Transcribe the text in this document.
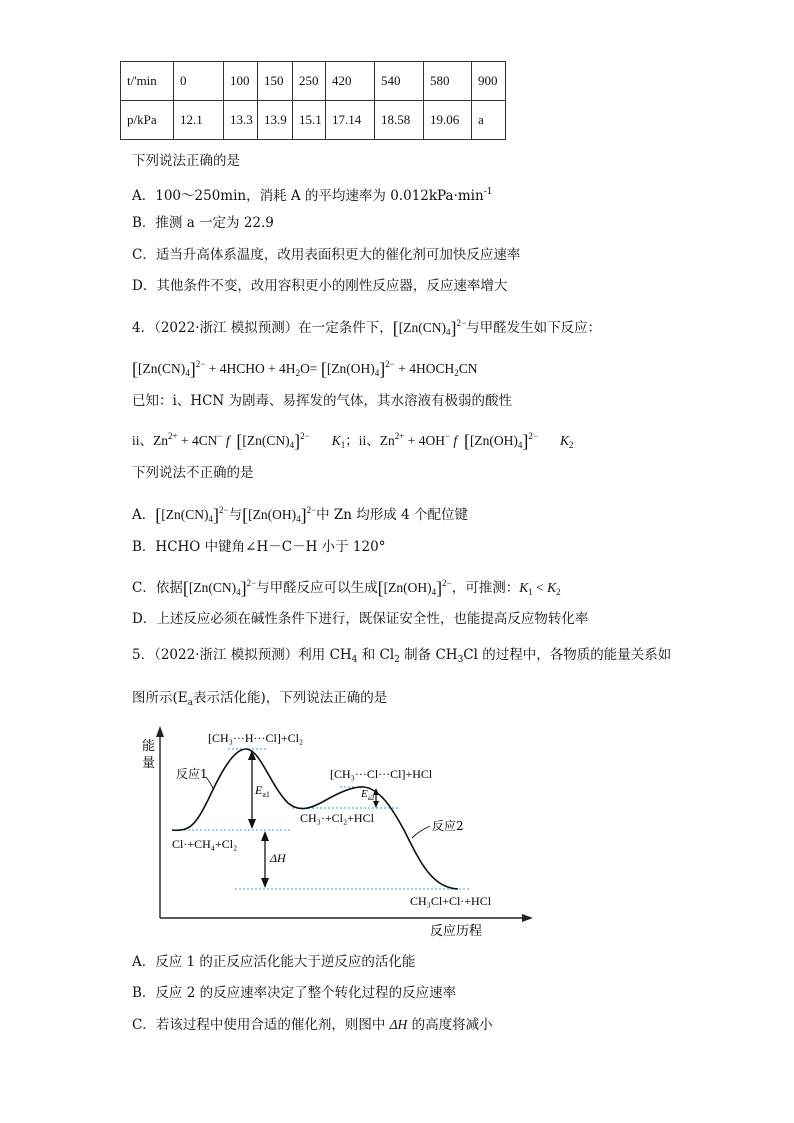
t/'min	0	100	150	250	420	540	580	900
p/kPa	12.1	13.3	13.9	15.1	17.14	18.58	19.06	a
下列说法正确的是
A．100～250min，消耗 A 的平均速率为 $0.012kPa\cdot\min^{-1}$
B．推测 a 一定为 22.9
C．适当升高体系温度，改用表面积更大的催化剂可加快反应速率
D．其他条件不变，改用容积更小的刚性反应器，反应速率增大
4．（2022·浙江 模拟预测）在一定条件下，[$[Zn(CN)_4]^{2-}$与甲醛发生如下反应：
[$[Zn(CN)_4]^{2-}$ + 4HCHO + $4H_2O= [[Zn(OH)_4]^{2-}$ + $4HOCH_2CN$
已知：i、HCN 为剧毒、易挥发的气体，其水溶液有极弱的酸性
ii、$Zn^{2+} + 4CN^-$ f [$[Zn(CN)_4]^{2-}$ $K_1$；ii、$Zn^{2+} + 4OH^-$ f [$[Zn(OH)_4]^{2-}$ $K_2$
下列说法不正确的是
A．[$[Zn(CN)_4]^{2-}$与[$[Zn(OH)_4]^{2-}$中 Zn 均形成 4 个配位键
B．HCHO 中键角∠H－C－H 小于 120°
C．依据[$[Zn(CN)_4]^{2-}$与甲醛反应可以生成[$[Zn(OH)_4]^{2-}$，可推测：$K_1 < K_2$
D．上述反应必须在碱性条件下进行，既保证安全性，也能提高反应物转化率
5．（2022·浙江 模拟预测）利用 $CH_4$ 和 $Cl_2$ 制备 $CH_3Cl$ 的过程中，各物质的能量关系如
图所示($E_a$表示活化能)，下列说法正确的是
能
量
反应历程
[CH₃···H···Cl]+Cl₂
[CH₃···Cl···Cl]+HCl
反应1
反应2
Cl·+CH₄+Cl₂
CH₃·+Cl₂+HCl
CH₃Cl+Cl·+HCl
$E_{a1}$	$E_{a2}$
ΔH
A．反应 1 的正反应活化能大于逆反应的活化能
B．反应 2 的反应速率决定了整个转化过程的反应速率
C．若该过程中使用合适的催化剂，则图中 ΔH 的高度将减小
